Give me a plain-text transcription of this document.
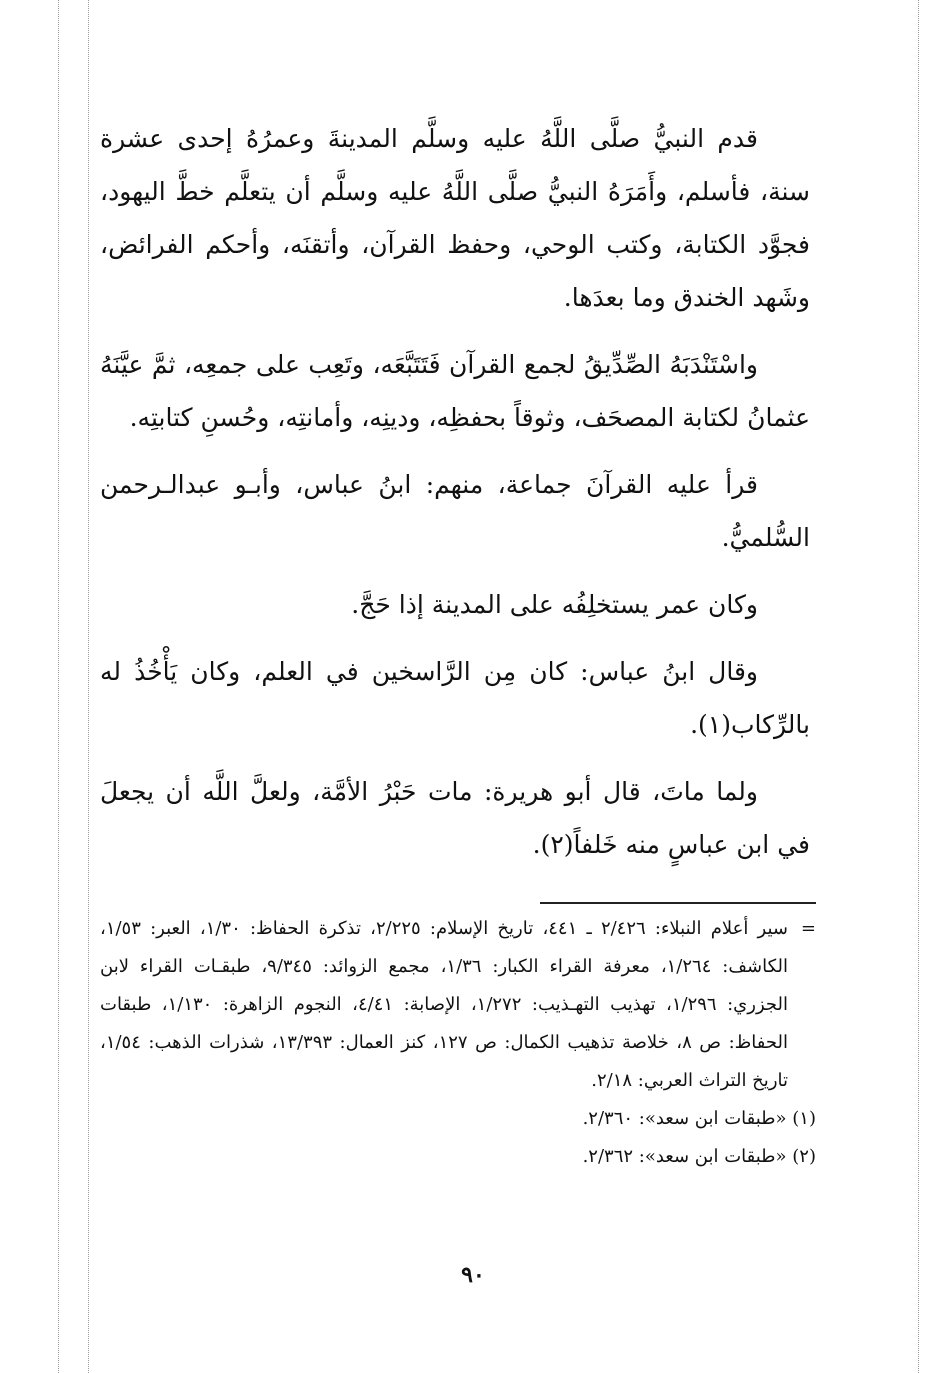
قدم النبيُّ صلَّى اللَّهُ عليه وسلَّم المدينةَ وعمرُهُ إحدى عشرة سنة، فأسلم، وأَمَرَهُ النبيُّ صلَّى اللَّهُ عليه وسلَّم أن يتعلَّم خطَّ اليهود، فجوَّد الكتابة، وكتب الوحي، وحفظ القرآن، وأتقنَه، وأحكم الفرائض، وشَهد الخندق وما بعدَها.

واسْتَنْدَبَهُ الصِّدِّيقُ لجمع القرآن فَتَتَبَّعَه، وتَعِب على جمعِه، ثمَّ عيَّنَهُ عثمانُ لكتابة المصحَف، وثوقاً بحفظِه، ودينِه، وأمانتِه، وحُسنِ كتابتِه.

قرأ عليه القرآنَ جماعة، منهم: ابنُ عباس، وأبـو عبدالـرحمن السُّلميُّ.

وكان عمر يستخلِفُه على المدينة إذا حَجَّ.

وقال ابنُ عباس: كان مِن الرَّاسخين في العلم، وكان يَأْخُذُ له بالرِّكاب(١).

ولما ماتَ، قال أبو هريرة: مات حَبْرُ الأمَّة، ولعلَّ اللَّه أن يجعلَ في ابن عباسٍ منه خَلفاً(٢).

=سير أعلام النبلاء: ٢/٤٢٦ ـ ٤٤١، تاريخ الإسلام: ٢/٢٢٥، تذكرة الحفاظ: ١/٣٠، العبر: ١/٥٣، الكاشف: ١/٢٦٤، معرفة القراء الكبار: ١/٣٦، مجمع الزوائد: ٩/٣٤٥، طبقـات القراء لابن الجزري: ١/٢٩٦، تهذيب التهـذيب: ١/٢٧٢، الإصابة: ٤/٤١، النجوم الزاهرة: ١/١٣٠، طبقات الحفاظ: ص ٨، خلاصة تذهيب الكمال: ص ١٢٧، كنز العمال: ١٣/٣٩٣، شذرات الذهب: ١/٥٤، تاريخ التراث العربي: ٢/١٨.

(١) «طبقات ابن سعد»: ٢/٣٦٠.

(٢) «طبقات ابن سعد»: ٢/٣٦٢.

٩٠
